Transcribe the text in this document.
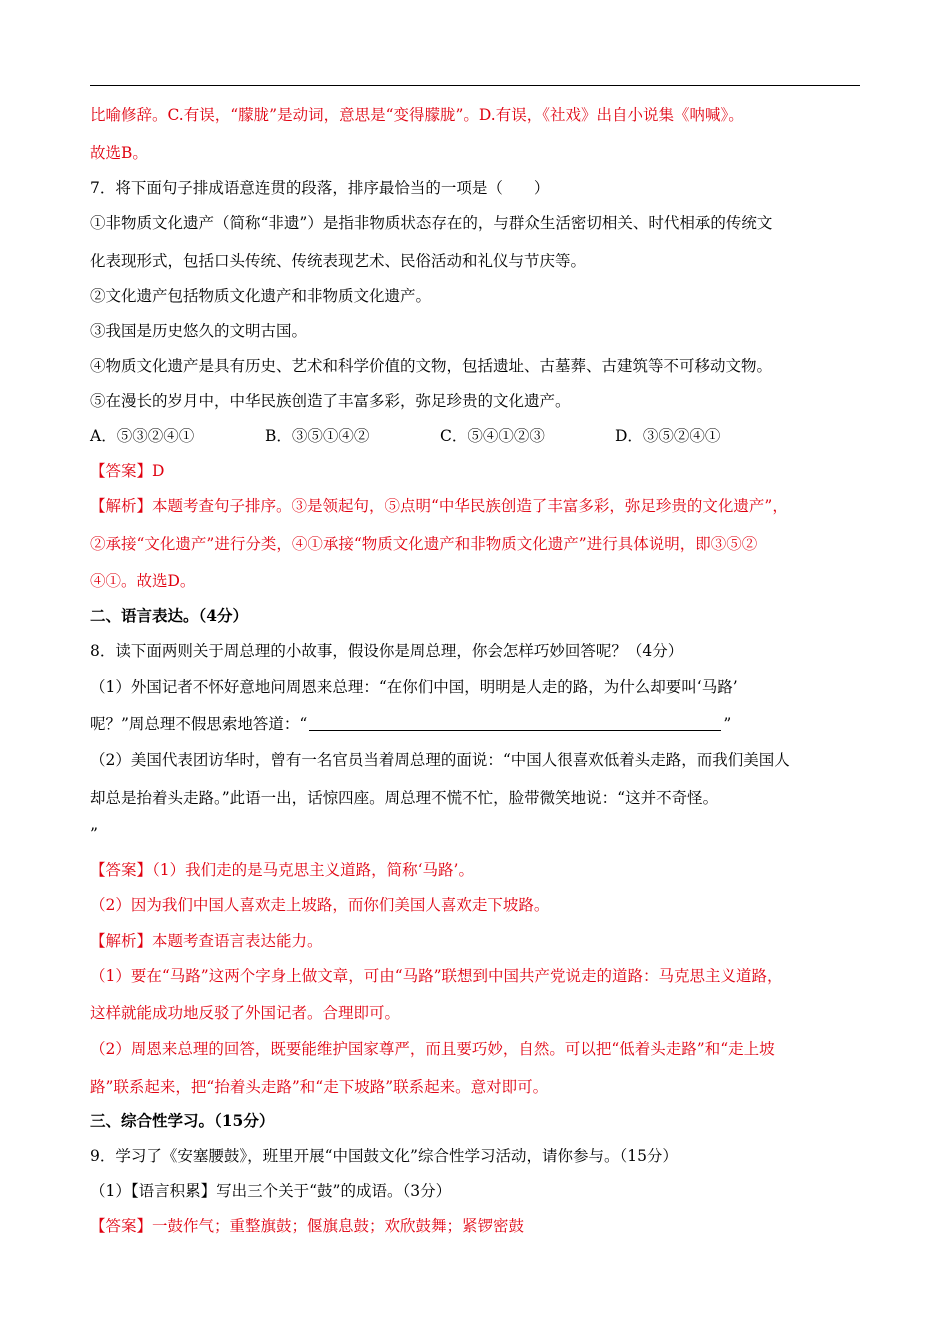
比喻修辞。C.有误，“朦胧”是动词，意思是“变得朦胧”。D.有误，《社戏》出自小说集《呐喊》。
故选B。
7．将下面句子排成语意连贯的段落，排序最恰当的一项是（　　）
①非物质文化遗产（简称“非遗”）是指非物质状态存在的，与群众生活密切相关、时代相承的传统文
化表现形式，包括口头传统、传统表现艺术、民俗活动和礼仪与节庆等。
②文化遗产包括物质文化遗产和非物质文化遗产。
③我国是历史悠久的文明古国。
④物质文化遗产是具有历史、艺术和科学价值的文物，包括遗址、古墓葬、古建筑等不可移动文物。
⑤在漫长的岁月中，中华民族创造了丰富多彩，弥足珍贵的文化遗产。
A．⑤③②④①	B．③⑤①④②	C．⑤④①②③	D．③⑤②④①
【答案】D
【解析】本题考查句子排序。③是领起句，⑤点明“中华民族创造了丰富多彩，弥足珍贵的文化遗产”，
②承接“文化遗产”进行分类，④①承接“物质文化遗产和非物质文化遗产”进行具体说明，即③⑤②
④①。故选D。
二、语言表达。（4分）
8．读下面两则关于周总理的小故事，假设你是周总理，你会怎样巧妙回答呢？（4分）
（1）外国记者不怀好意地问周恩来总理：“在你们中国，明明是人走的路，为什么却要叫‘马路’
呢？”周总理不假思索地答道：“	”
（2）美国代表团访华时，曾有一名官员当着周总理的面说：“中国人很喜欢低着头走路，而我们美国人
却总是抬着头走路。”此语一出，话惊四座。周总理不慌不忙，脸带微笑地说：“这并不奇怪。
”
【答案】（1）我们走的是马克思主义道路，简称‘马路’。
（2）因为我们中国人喜欢走上坡路，而你们美国人喜欢走下坡路。
【解析】本题考查语言表达能力。
（1）要在“马路”这两个字身上做文章，可由“马路”联想到中国共产党说走的道路：马克思主义道路，
这样就能成功地反驳了外国记者。合理即可。
（2）周恩来总理的回答，既要能维护国家尊严，而且要巧妙，自然。可以把“低着头走路”和“走上坡
路”联系起来，把“抬着头走路”和“走下坡路”联系起来。意对即可。
三、综合性学习。（15分）
9．学习了《安塞腰鼓》，班里开展“中国鼓文化”综合性学习活动，请你参与。（15分）
（1）【语言积累】写出三个关于“鼓”的成语。（3分）
【答案】一鼓作气；重整旗鼓；偃旗息鼓；欢欣鼓舞；紧锣密鼓
